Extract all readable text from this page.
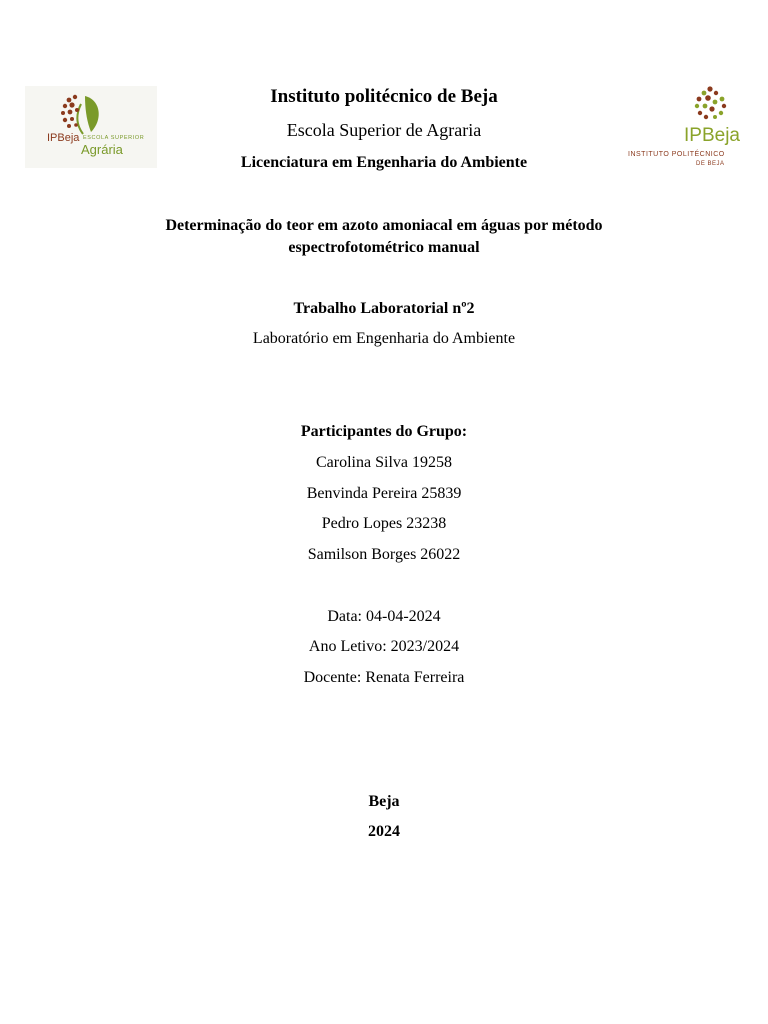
IPBeja ESCOLA SUPERIOR
Agrária
IPBeja
INSTITUTO POLITÉCNICO
DE BEJA
Instituto politécnico de Beja
Escola Superior de Agraria
Licenciatura em Engenharia do Ambiente
Determinação do teor em azoto amoniacal em águas por método
espectrofotométrico manual
Trabalho Laboratorial nº2
Laboratório em Engenharia do Ambiente
Participantes do Grupo:
Carolina Silva 19258
Benvinda Pereira 25839
Pedro Lopes 23238
Samilson Borges 26022
Data: 04-04-2024
Ano Letivo: 2023/2024
Docente: Renata Ferreira
Beja
2024
